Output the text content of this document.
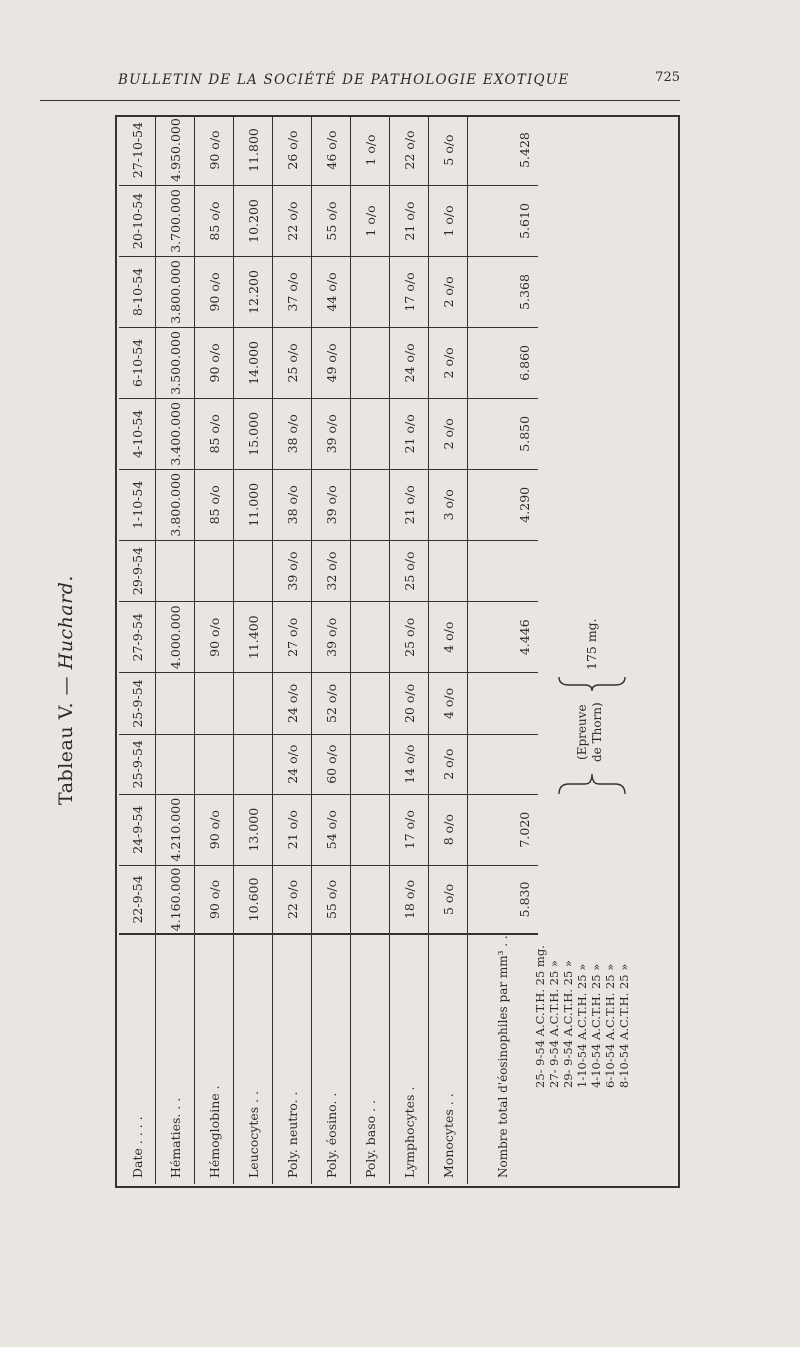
BULLETIN DE LA SOCIÉTÉ DE PATHOLOGIE EXOTIQUE	725
Tableau V. — Huchard.
Date . . . .	22-9-54	24-9-54	25-9-54	25-9-54	27-9-54	29-9-54	1-10-54	4-10-54	6-10-54	8-10-54	20-10-54	27-10-54
Hématies. . .	4.160.000	4.210.000			4.000.000		3.800.000	3.400.000	3.500.000	3.800.000	3.700.000	4.950.000
Hémoglobine .	90 o/o	90 o/o			90 o/o		85 o/o	85 o/o	90 o/o	90 o/o	85 o/o	90 o/o
Leucocytes . .	10.600	13.000			11.400		11.000	15.000	14.000	12.200	10.200	11.800
Poly. neutro. .	22 o/o	21 o/o	24 o/o	24 o/o	27 o/o	39 o/o	38 o/o	38 o/o	25 o/o	37 o/o	22 o/o	26 o/o
Poly. éosino. .	55 o/o	54 o/o	60 o/o	52 o/o	39 o/o	32 o/o	39 o/o	39 o/o	49 o/o	44 o/o	55 o/o	46 o/o
Poly. baso . .											1 o/o	1 o/o
Lymphocytes .	18 o/o	17 o/o	14 o/o	20 o/o	25 o/o	25 o/o	21 o/o	21 o/o	24 o/o	17 o/o	21 o/o	22 o/o
Monocytes . .	5 o/o	8 o/o	2 o/o	4 o/o	4 o/o		3 o/o	2 o/o	2 o/o	2 o/o	1 o/o	5 o/o
Nombre total d'éosinophiles par mm³ . .	5.830	7.020			4.446		4.290	5.850	6.860	5.368	5.610	5.428
25- 9-54 A.C.T.H. 25 mg. 27- 9-54 A.C.T.H. 25 » 29- 9-54 A.C.T.H. 25 » 1-10-54 A.C.T.H. 25 » 4-10-54 A.C.T.H. 25 » 6-10-54 A.C.T.H. 25 » 8-10-54 A.C.T.H. 25 »
(Epreuve de Thorn)
175 mg.
